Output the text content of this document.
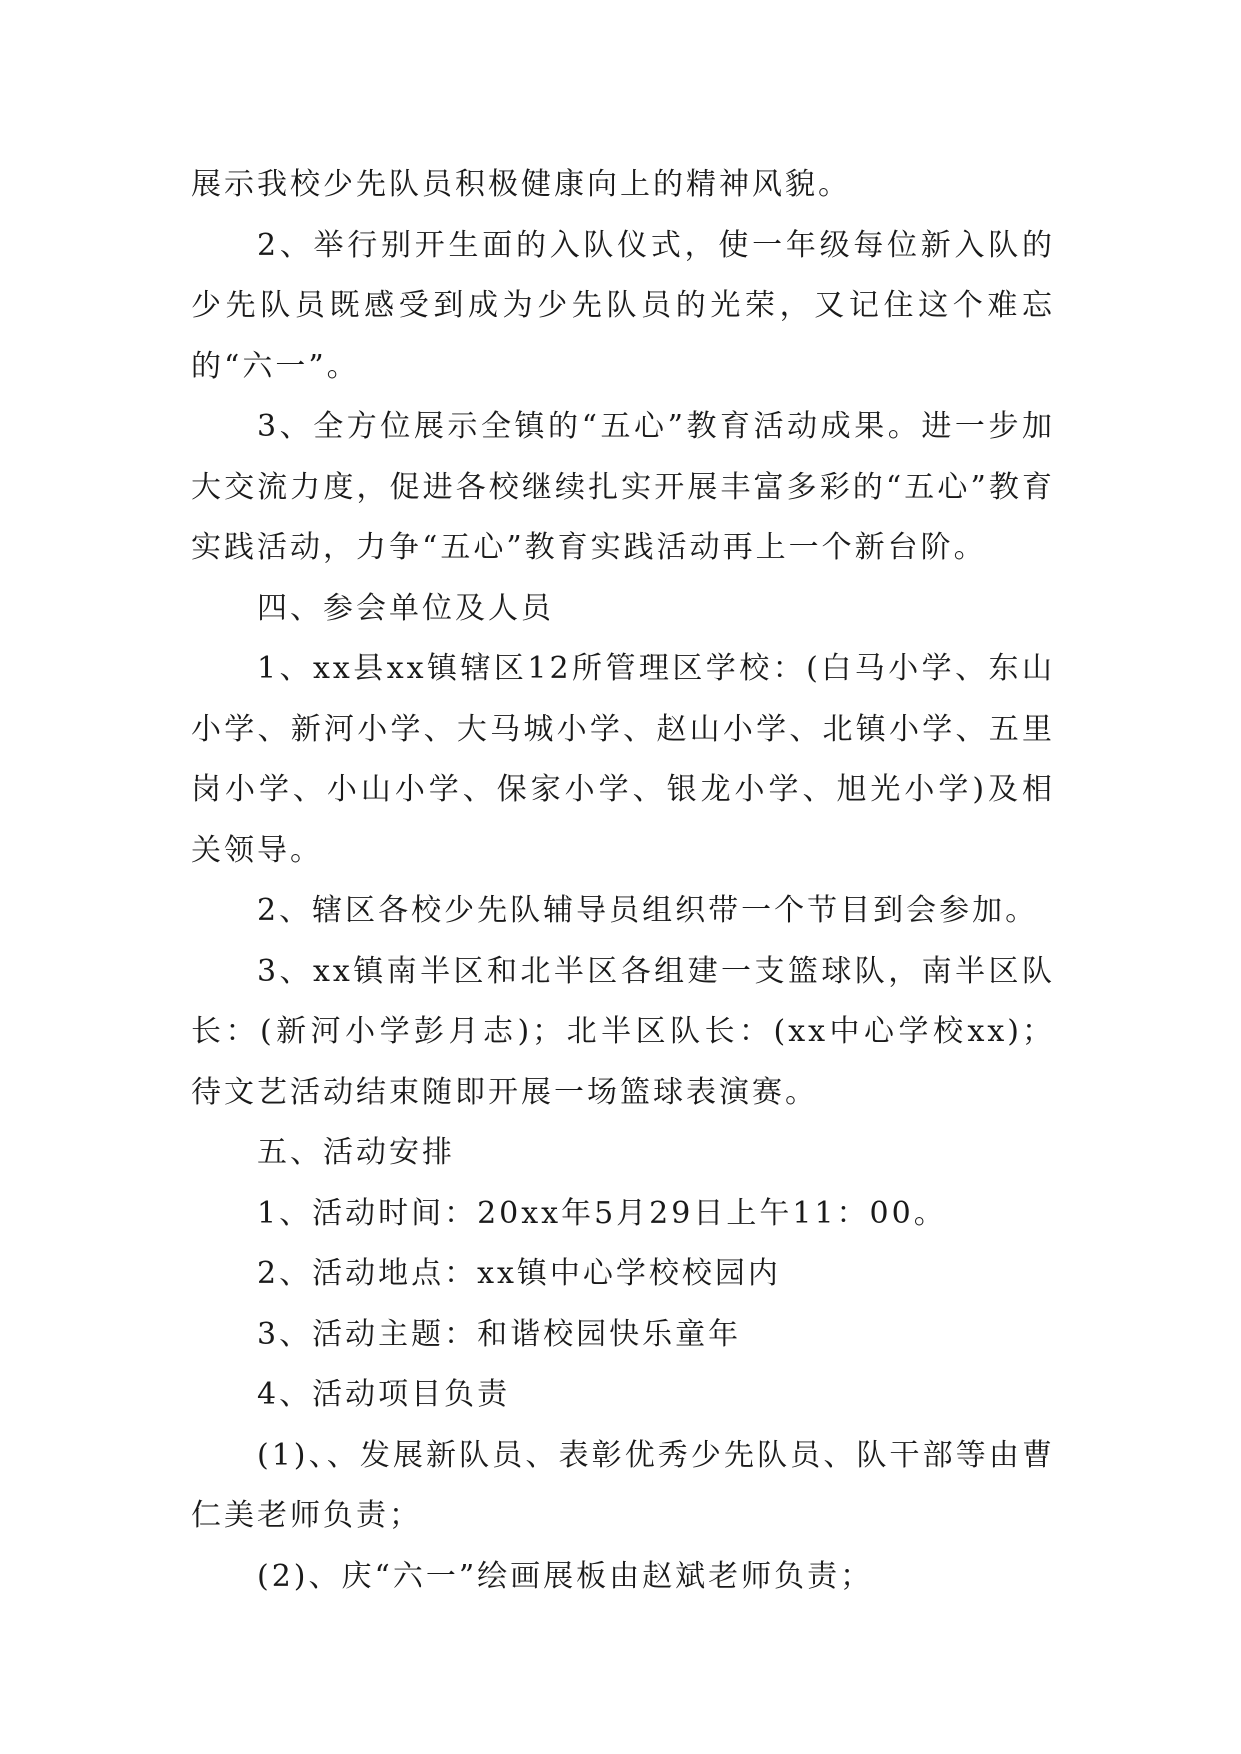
展示我校少先队员积极健康向上的精神风貌。

2、举行别开生面的入队仪式，使一年级每位新入队的少先队员既感受到成为少先队员的光荣，又记住这个难忘的“六一”。

3、全方位展示全镇的“五心”教育活动成果。进一步加大交流力度，促进各校继续扎实开展丰富多彩的“五心”教育实践活动，力争“五心”教育实践活动再上一个新台阶。

四、参会单位及人员

1、xx县xx镇辖区12所管理区学校：(白马小学、东山小学、新河小学、大马城小学、赵山小学、北镇小学、五里岗小学、小山小学、保家小学、银龙小学、旭光小学)及相关领导。

2、辖区各校少先队辅导员组织带一个节目到会参加。

3、xx镇南半区和北半区各组建一支篮球队，南半区队长：(新河小学彭月志)；北半区队长：(xx中心学校xx)；待文艺活动结束随即开展一场篮球表演赛。

五、活动安排

1、活动时间：20xx年5月29日上午11：00。

2、活动地点：xx镇中心学校校园内

3、活动主题：和谐校园快乐童年

4、活动项目负责

(1)、、发展新队员、表彰优秀少先队员、队干部等由曹仁美老师负责；

(2)、庆“六一”绘画展板由赵斌老师负责；
